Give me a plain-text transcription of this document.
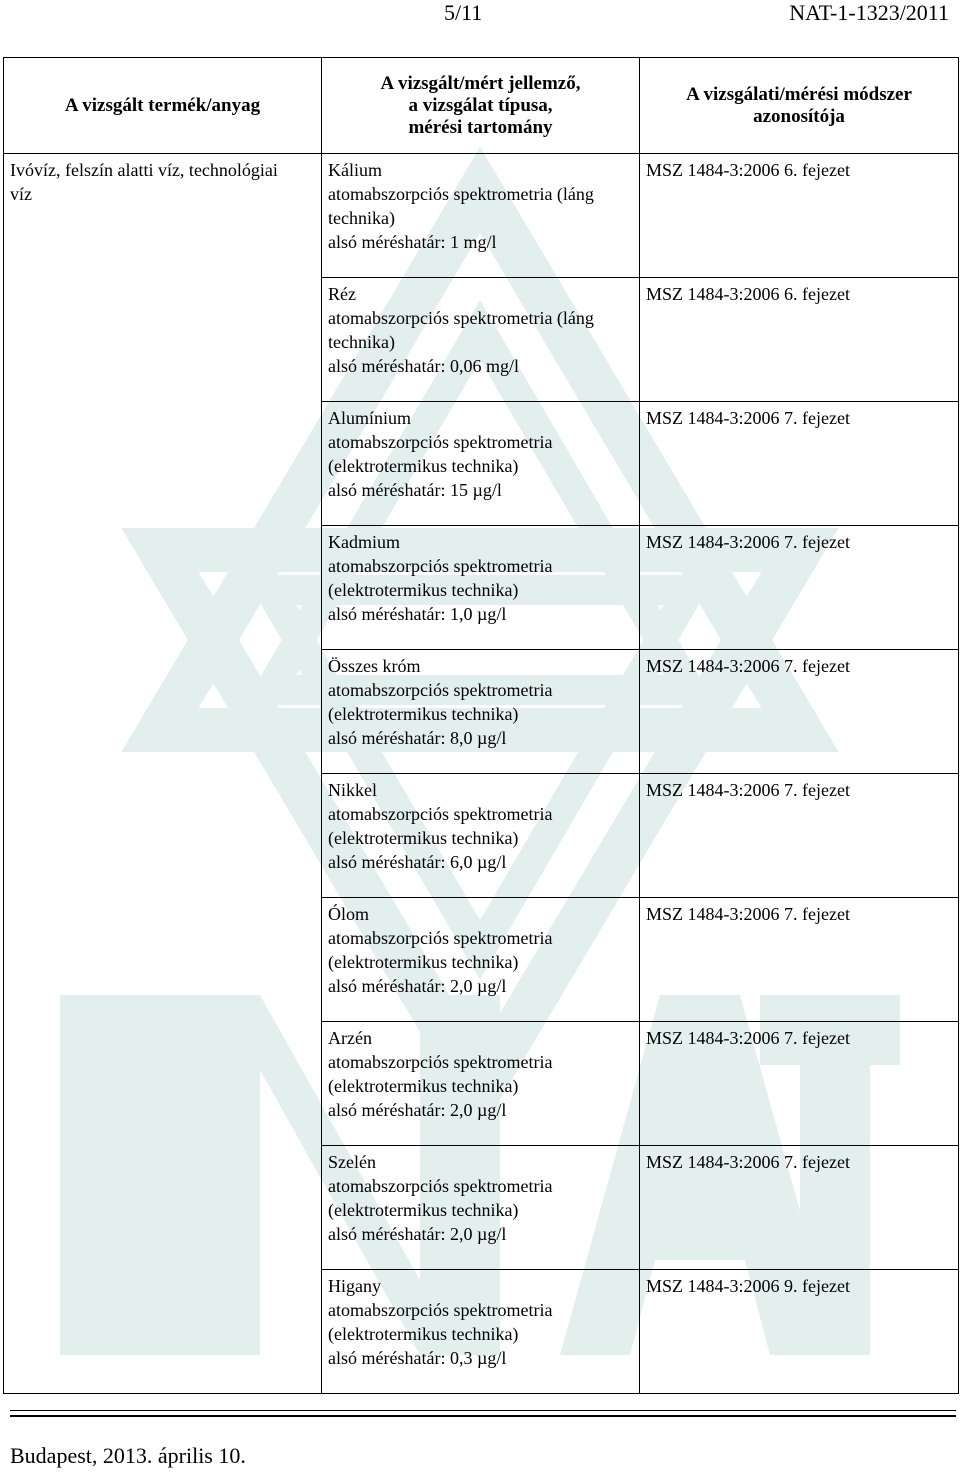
5/11	NAT-1-1323/2011
A vizsgált termék/anyag	A vizsgált/mért jellemző,
a vizsgálat típusa,
mérési tartomány	A vizsgálati/mérési módszer
azonosítója

Ivóvíz, felszín alatti víz, technológiai
víz	Kálium
atomabszorpciós spektrometria (láng
technika)
alsó méréshatár: 1 mg/l	MSZ 1484-3:2006 6. fejezet

	Réz
atomabszorpciós spektrometria (láng
technika)
alsó méréshatár: 0,06 mg/l	MSZ 1484-3:2006 6. fejezet

	Alumínium
atomabszorpciós spektrometria
(elektrotermikus technika)
alsó méréshatár: 15 µg/l	MSZ 1484-3:2006 7. fejezet

	Kadmium
atomabszorpciós spektrometria
(elektrotermikus technika)
alsó méréshatár: 1,0 µg/l	MSZ 1484-3:2006 7. fejezet

	Összes króm
atomabszorpciós spektrometria
(elektrotermikus technika)
alsó méréshatár: 8,0 µg/l	MSZ 1484-3:2006 7. fejezet

	Nikkel
atomabszorpciós spektrometria
(elektrotermikus technika)
alsó méréshatár: 6,0 µg/l	MSZ 1484-3:2006 7. fejezet

	Ólom
atomabszorpciós spektrometria
(elektrotermikus technika)
alsó méréshatár: 2,0 µg/l	MSZ 1484-3:2006 7. fejezet

	Arzén
atomabszorpciós spektrometria
(elektrotermikus technika)
alsó méréshatár: 2,0 µg/l	MSZ 1484-3:2006 7. fejezet

	Szelén
atomabszorpciós spektrometria
(elektrotermikus technika)
alsó méréshatár: 2,0 µg/l	MSZ 1484-3:2006 7. fejezet

	Higany
atomabszorpciós spektrometria
(elektrotermikus technika)
alsó méréshatár: 0,3 µg/l	MSZ 1484-3:2006 9. fejezet
Budapest, 2013. április 10.
